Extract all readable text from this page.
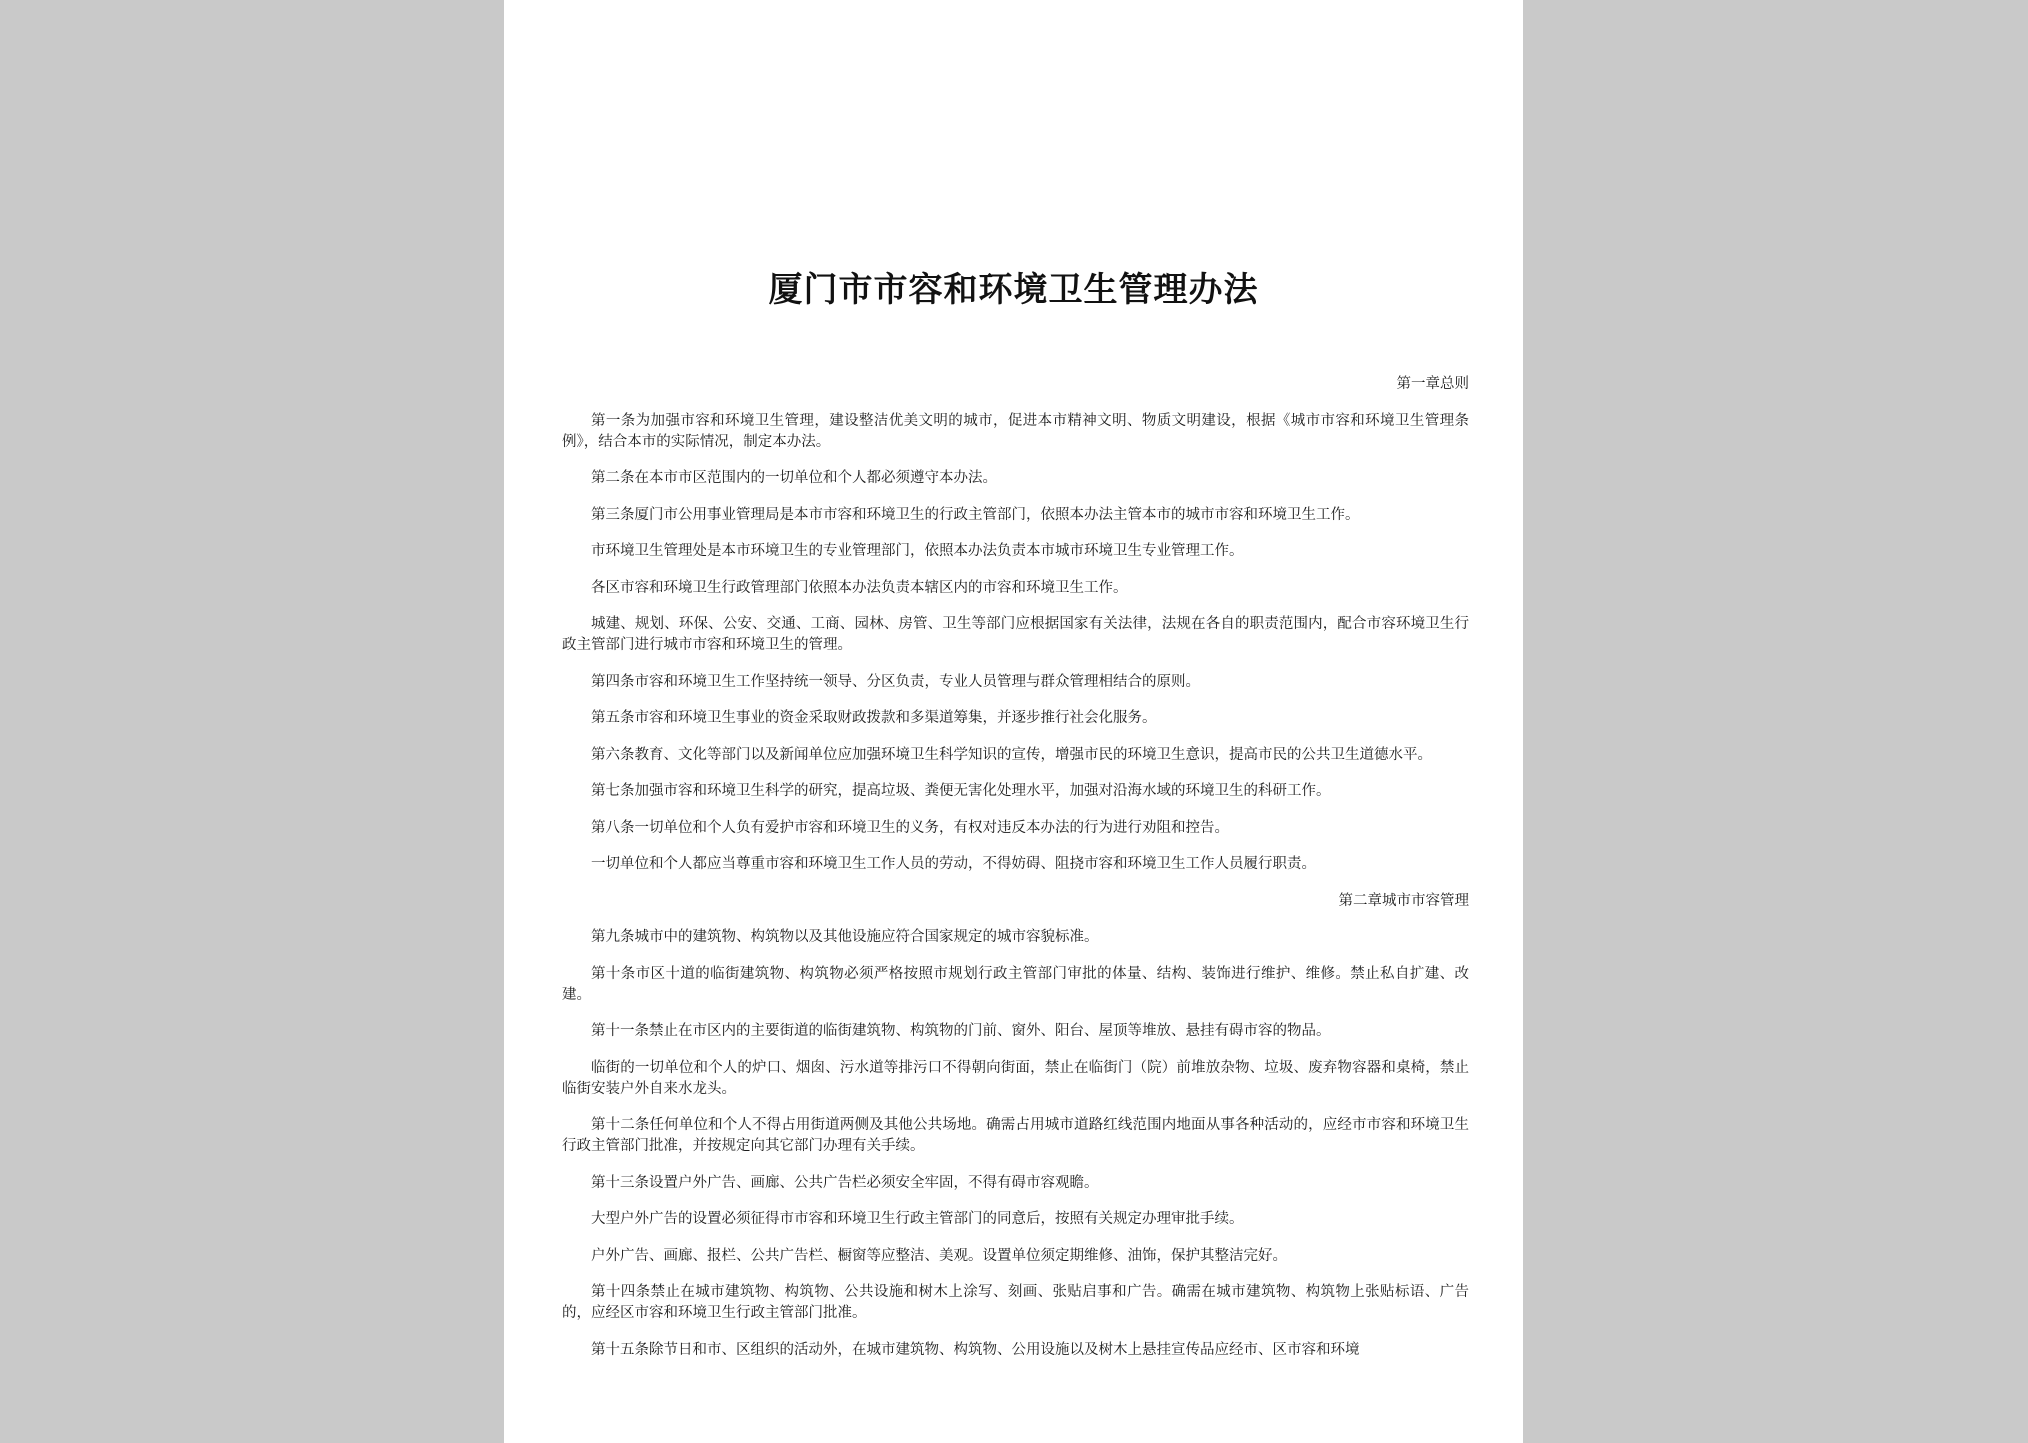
厦门市市容和环境卫生管理办法

第一章总则

第一条为加强市容和环境卫生管理，建设整洁优美文明的城市，促进本市精神文明、物质文明建设，根据《城市市容和环境卫生管理条例》，结合本市的实际情况，制定本办法。

第二条在本市市区范围内的一切单位和个人都必须遵守本办法。

第三条厦门市公用事业管理局是本市市容和环境卫生的行政主管部门，依照本办法主管本市的城市市容和环境卫生工作。

市环境卫生管理处是本市环境卫生的专业管理部门，依照本办法负责本市城市环境卫生专业管理工作。

各区市容和环境卫生行政管理部门依照本办法负责本辖区内的市容和环境卫生工作。

城建、规划、环保、公安、交通、工商、园林、房管、卫生等部门应根据国家有关法律，法规在各自的职责范围内，配合市容环境卫生行政主管部门进行城市市容和环境卫生的管理。

第四条市容和环境卫生工作坚持统一领导、分区负责，专业人员管理与群众管理相结合的原则。

第五条市容和环境卫生事业的资金采取财政拨款和多渠道筹集，并逐步推行社会化服务。

第六条教育、文化等部门以及新闻单位应加强环境卫生科学知识的宣传，增强市民的环境卫生意识，提高市民的公共卫生道德水平。

第七条加强市容和环境卫生科学的研究，提高垃圾、粪便无害化处理水平，加强对沿海水域的环境卫生的科研工作。

第八条一切单位和个人负有爱护市容和环境卫生的义务，有权对违反本办法的行为进行劝阻和控告。

一切单位和个人都应当尊重市容和环境卫生工作人员的劳动，不得妨碍、阻挠市容和环境卫生工作人员履行职责。

第二章城市市容管理

第九条城市中的建筑物、构筑物以及其他设施应符合国家规定的城市容貌标准。

第十条市区十道的临街建筑物、构筑物必须严格按照市规划行政主管部门审批的体量、结构、装饰进行维护、维修。禁止私自扩建、改建。

第十一条禁止在市区内的主要街道的临街建筑物、构筑物的门前、窗外、阳台、屋顶等堆放、悬挂有碍市容的物品。

临街的一切单位和个人的炉口、烟囱、污水道等排污口不得朝向街面，禁止在临街门（院）前堆放杂物、垃圾、废弃物容器和桌椅，禁止临街安装户外自来水龙头。

第十二条任何单位和个人不得占用街道两侧及其他公共场地。确需占用城市道路红线范围内地面从事各种活动的，应经市市容和环境卫生行政主管部门批准，并按规定向其它部门办理有关手续。

第十三条设置户外广告、画廊、公共广告栏必须安全牢固，不得有碍市容观瞻。

大型户外广告的设置必须征得市市容和环境卫生行政主管部门的同意后，按照有关规定办理审批手续。

户外广告、画廊、报栏、公共广告栏、橱窗等应整洁、美观。设置单位须定期维修、油饰，保护其整洁完好。

第十四条禁止在城市建筑物、构筑物、公共设施和树木上涂写、刻画、张贴启事和广告。确需在城市建筑物、构筑物上张贴标语、广告的，应经区市容和环境卫生行政主管部门批准。

第十五条除节日和市、区组织的活动外，在城市建筑物、构筑物、公用设施以及树木上悬挂宣传品应经市、区市容和环境
